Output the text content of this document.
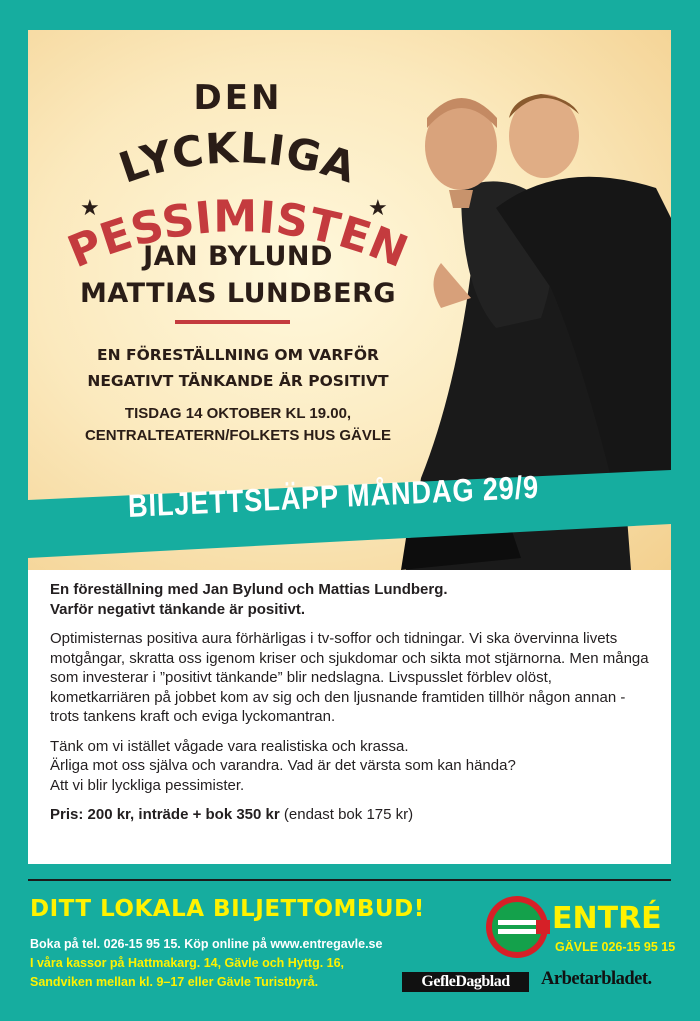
DEN
LYCKLIGA
PESSIMISTEN
★	★
JAN BYLUND
MATTIAS LUNDBERG
EN FÖRESTÄLLNING OM VARFÖR
NEGATIVT TÄNKANDE ÄR POSITIVT
TISDAG 14 OKTOBER KL 19.00,
CENTRALTEATERN/FOLKETS HUS GÄVLE
BILJETTSLÄPP MÅNDAG 29/9
En föreställning med Jan Bylund och Mattias Lundberg.
Varför negativt tänkande är positivt.
Optimisternas positiva aura förhärligas i tv-soffor och tidningar. Vi ska övervinna livets motgångar, skratta oss igenom kriser och sjukdomar och sikta mot stjärnorna. Men många som investerar i ”positivt tänkande” blir nedslagna. Livspusslet förblev olöst, kometkarriären på jobbet kom av sig och den ljusnande framtiden tillhör någon annan - trots tankens kraft och eviga lyckomantran.
Tänk om vi istället vågade vara realistiska och krassa.
Ärliga mot oss själva och varandra. Vad är det värsta som kan hända?
Att vi blir lyckliga pessimister.
Pris: 200 kr, inträde + bok 350 kr (endast bok 175 kr)
DITT LOKALA BILJETTOMBUD!
Boka på tel. 026-15 95 15. Köp online på www.entregavle.se
I våra kassor på Hattmakarg. 14, Gävle och Hyttg. 16,
Sandviken mellan kl. 9–17 eller Gävle Turistbyrå.
ENTRÉ
GÄVLE 026-15 95 15
GefleDagblad	Arbetarbladet.
